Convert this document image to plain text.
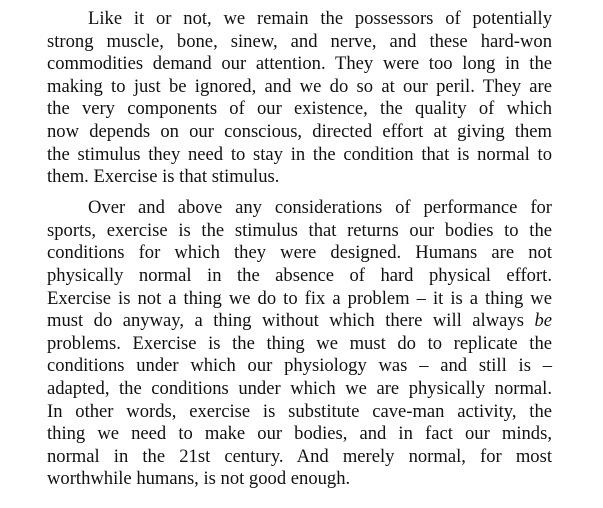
Like it or not, we remain the possessors of potentially
strong muscle, bone, sinew, and nerve, and these hard-won
commodities demand our attention. They were too long in the
making to just be ignored, and we do so at our peril. They are
the very components of our existence, the quality of which
now depends on our conscious, directed effort at giving them
the stimulus they need to stay in the condition that is normal to
them. Exercise is that stimulus.

Over and above any considerations of performance for
sports, exercise is the stimulus that returns our bodies to the
conditions for which they were designed. Humans are not
physically normal in the absence of hard physical effort.
Exercise is not a thing we do to fix a problem – it is a thing we
must do anyway, a thing without which there will always be
problems. Exercise is the thing we must do to replicate the
conditions under which our physiology was – and still is –
adapted, the conditions under which we are physically normal.
In other words, exercise is substitute cave-man activity, the
thing we need to make our bodies, and in fact our minds,
normal in the 21st century. And merely normal, for most
worthwhile humans, is not good enough.
